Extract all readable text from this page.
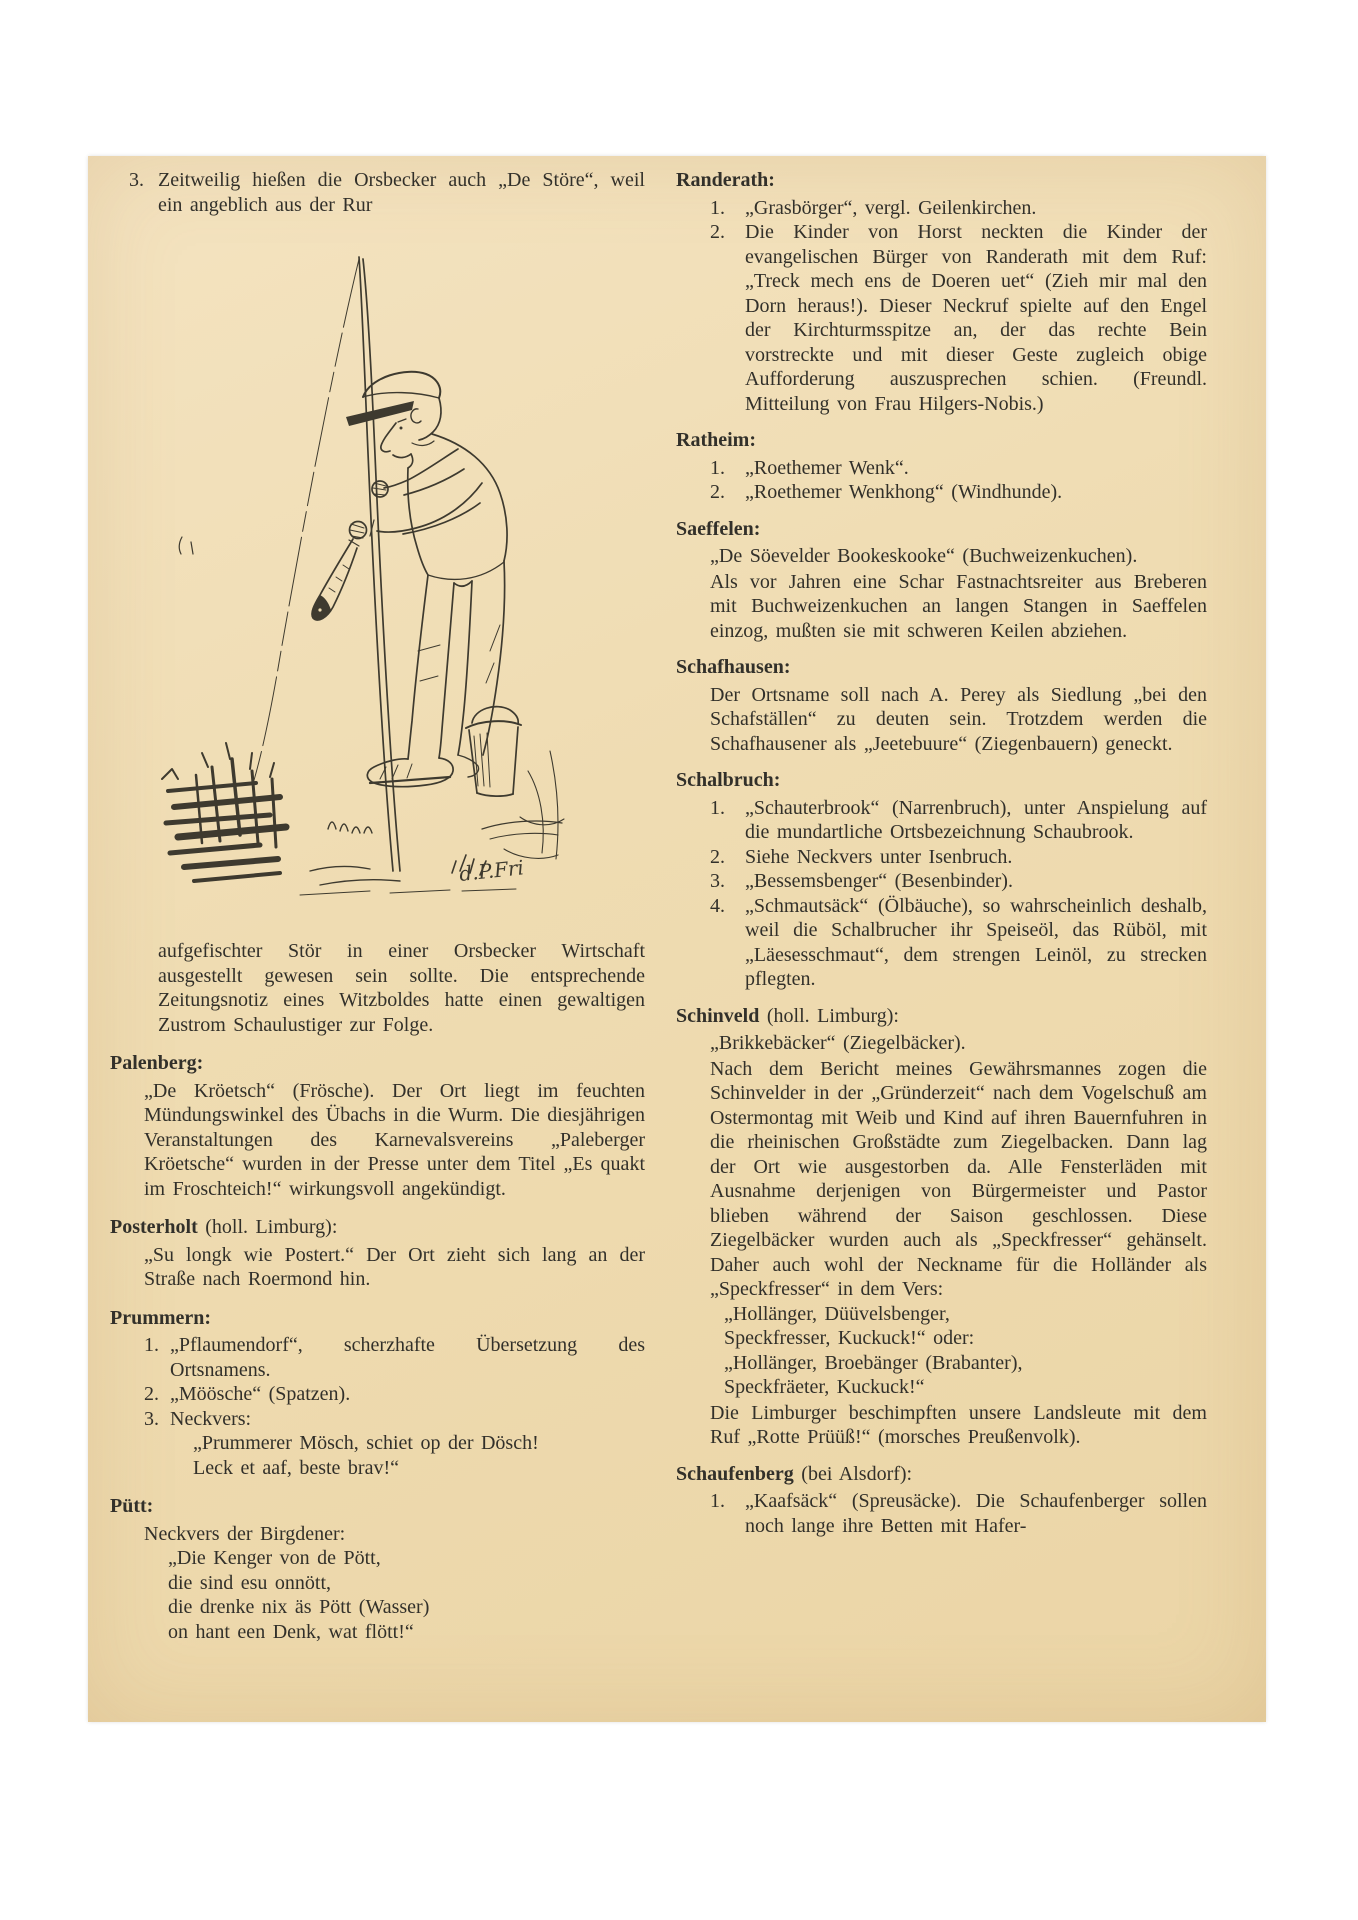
3. Zeitweilig hießen die Orsbecker auch „De Störe“, weil ein angeblich aus der Rur
d.P.Fri
aufgefischter Stör in einer Orsbecker Wirtschaft ausgestellt gewesen sein sollte. Die entsprechende Zeitungsnotiz eines Witzboldes hatte einen gewaltigen Zustrom Schaulustiger zur Folge.
Palenberg:
„De Kröetsch“ (Frösche). Der Ort liegt im feuchten Mündungswinkel des Übachs in die Wurm. Die diesjährigen Veranstaltungen des Karnevalsvereins „Paleberger Kröetsche“ wurden in der Presse unter dem Titel „Es quakt im Froschteich!“ wirkungsvoll angekündigt.
Posterholt (holl. Limburg):
„Su longk wie Postert.“ Der Ort zieht sich lang an der Straße nach Roermond hin.
Prummern:
1. „Pflaumendorf“, scherzhafte Übersetzung des Ortsnamens.
2. „Möösche“ (Spatzen).
3. Neckvers:
„Prummerer Mösch, schiet op der Dösch!
Leck et aaf, beste brav!“
Pütt:
Neckvers der Birgdener:
„Die Kenger von de Pött,
die sind esu onnött,
die drenke nix äs Pött (Wasser)
on hant een Denk, wat flött!“
Randerath:
1.	„Grasbörger“, vergl. Geilenkirchen.
2.	Die Kinder von Horst neckten die Kinder der evangelischen Bürger von Randerath mit dem Ruf: „Treck mech ens de Doeren uet“ (Zieh mir mal den Dorn heraus!). Dieser Neckruf spielte auf den Engel der Kirchturmsspitze an, der das rechte Bein vorstreckte und mit dieser Geste zugleich obige Aufforderung auszusprechen schien. (Freundl. Mitteilung von Frau Hilgers-Nobis.)
Ratheim:
1.	„Roethemer Wenk“.
2.	„Roethemer Wenkhong“ (Windhunde).
Saeffelen:
„De Söevelder Bookeskooke“ (Buchweizenkuchen).
Als vor Jahren eine Schar Fastnachtsreiter aus Breberen mit Buchweizenkuchen an langen Stangen in Saeffelen einzog, mußten sie mit schweren Keilen abziehen.
Schafhausen:
Der Ortsname soll nach A. Perey als Siedlung „bei den Schafställen“ zu deuten sein. Trotzdem werden die Schafhausener als „Jeetebuure“ (Ziegenbauern) geneckt.
Schalbruch:
1.	„Schauterbrook“ (Narrenbruch), unter Anspielung auf die mundartliche Ortsbezeichnung Schaubrook.
2.	Siehe Neckvers unter Isenbruch.
3.	„Bessemsbenger“ (Besenbinder).
4.	„Schmautsäck“ (Ölbäuche), so wahrscheinlich deshalb, weil die Schalbrucher ihr Speiseöl, das Rüböl, mit „Läesesschmaut“, dem strengen Leinöl, zu strecken pflegten.
Schinveld (holl. Limburg):
„Brikkebäcker“ (Ziegelbäcker).
Nach dem Bericht meines Gewährsmannes zogen die Schinvelder in der „Gründerzeit“ nach dem Vogelschuß am Ostermontag mit Weib und Kind auf ihren Bauernfuhren in die rheinischen Großstädte zum Ziegelbacken. Dann lag der Ort wie ausgestorben da. Alle Fensterläden mit Ausnahme derjenigen von Bürgermeister und Pastor blieben während der Saison geschlossen. Diese Ziegelbäcker wurden auch als „Speckfresser“ gehänselt. Daher auch wohl der Neckname für die Holländer als „Speckfresser“ in dem Vers:
„Hollänger, Düüvelsbenger,
Speckfresser, Kuckuck!“ oder:
„Hollänger, Broebänger (Brabanter),
Speckfräeter, Kuckuck!“
Die Limburger beschimpften unsere Landsleute mit dem Ruf „Rotte Prüüß!“ (morsches Preußenvolk).
Schaufenberg (bei Alsdorf):
1.	„Kaafsäck“ (Spreusäcke). Die Schaufenberger sollen noch lange ihre Betten mit Hafer-
